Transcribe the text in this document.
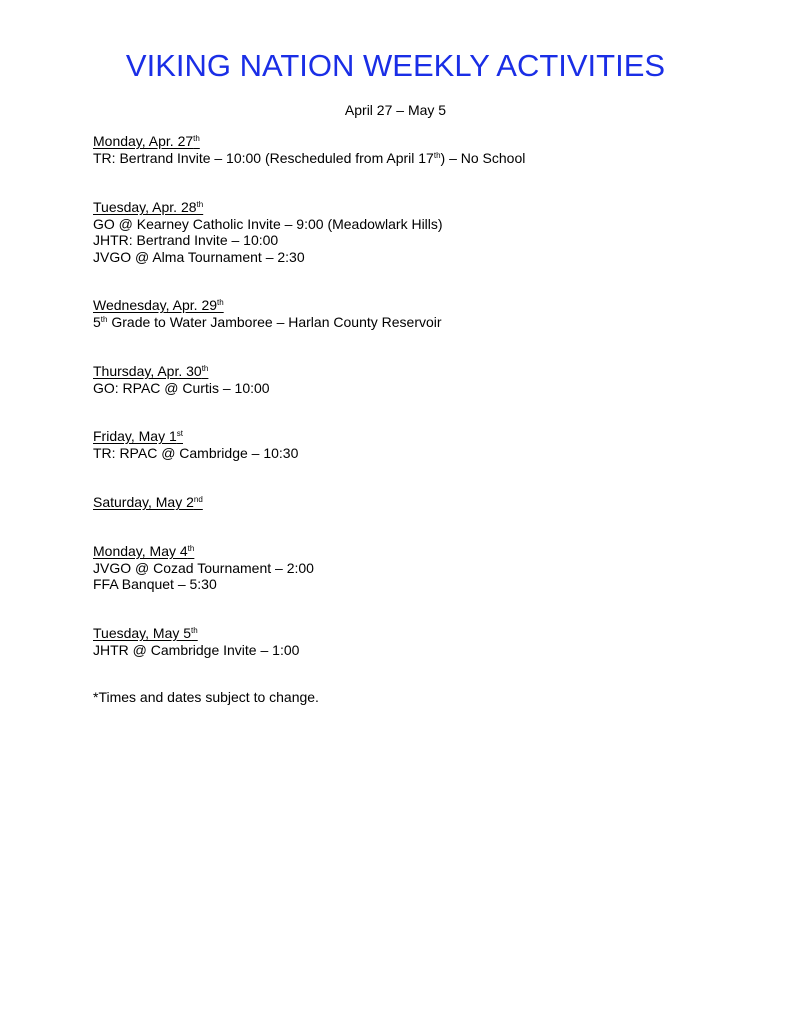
VIKING NATION WEEKLY ACTIVITIES
April 27 – May 5
Monday, Apr. 27th
TR: Bertrand Invite – 10:00 (Rescheduled from April 17th) – No School
Tuesday, Apr. 28th
GO @ Kearney Catholic Invite – 9:00 (Meadowlark Hills)
JHTR: Bertrand Invite – 10:00
JVGO @ Alma Tournament – 2:30
Wednesday, Apr. 29th
5th Grade to Water Jamboree – Harlan County Reservoir
Thursday, Apr. 30th
GO: RPAC @ Curtis – 10:00
Friday, May 1st
TR: RPAC @ Cambridge – 10:30
Saturday, May 2nd
Monday, May 4th
JVGO @ Cozad Tournament – 2:00
FFA Banquet – 5:30
Tuesday, May 5th
JHTR @ Cambridge Invite – 1:00
*Times and dates subject to change.
